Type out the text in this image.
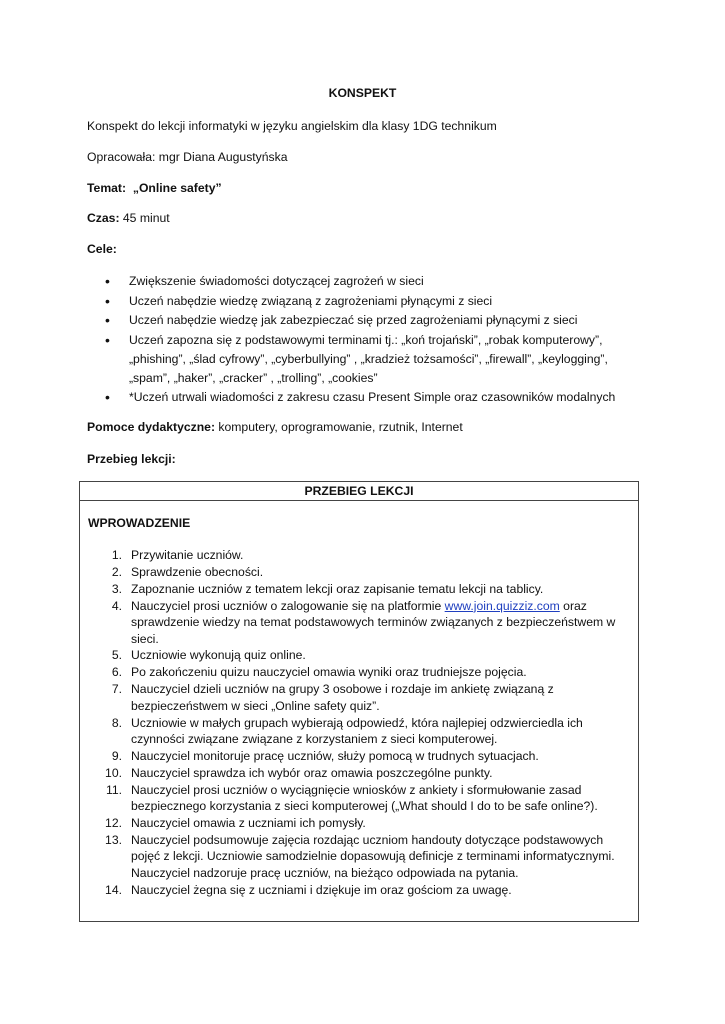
KONSPEKT
Konspekt do lekcji informatyki w języku angielskim dla klasy 1DG technikum
Opracowała: mgr Diana Augustyńska
Temat: „Online safety”
Czas: 45 minut
Cele:
• Zwiększenie świadomości dotyczącej zagrożeń w sieci
• Uczeń nabędzie wiedzę związaną z zagrożeniami płynącymi z sieci
• Uczeń nabędzie wiedzę jak zabezpieczać się przed zagrożeniami płynącymi z sieci
• Uczeń zapozna się z podstawowymi terminami tj.: „koń trojański”, „robak komputerowy”, „phishing”, „ślad cyfrowy”, „cyberbullying” , „kradzież tożsamości”, „firewall”, „keylogging”, „spam”, „haker”, „cracker” , „trolling”, „cookies”
• *Uczeń utrwali wiadomości z zakresu czasu Present Simple oraz czasowników modalnych
Pomoce dydaktyczne: komputery, oprogramowanie, rzutnik, Internet
Przebieg lekcji:
PRZEBIEG LEKCJI
WPROWADZENIE
1. Przywitanie uczniów.
2. Sprawdzenie obecności.
3. Zapoznanie uczniów z tematem lekcji oraz zapisanie tematu lekcji na tablicy.
4. Nauczyciel prosi uczniów o zalogowanie się na platformie www.join.quizziz.com oraz sprawdzenie wiedzy na temat podstawowych terminów związanych z bezpieczeństwem w sieci.
5. Uczniowie wykonują quiz online.
6. Po zakończeniu quizu nauczyciel omawia wyniki oraz trudniejsze pojęcia.
7. Nauczyciel dzieli uczniów na grupy 3 osobowe i rozdaje im ankietę związaną z bezpieczeństwem w sieci „Online safety quiz”.
8. Uczniowie w małych grupach wybierają odpowiedź, która najlepiej odzwierciedla ich czynności związane związane z korzystaniem z sieci komputerowej.
9. Nauczyciel monitoruje pracę uczniów, służy pomocą w trudnych sytuacjach.
10. Nauczyciel sprawdza ich wybór oraz omawia poszczególne punkty.
11. Nauczyciel prosi uczniów o wyciągnięcie wniosków z ankiety i sformułowanie zasad bezpiecznego korzystania z sieci komputerowej („What should I do to be safe online?).
12. Nauczyciel omawia z uczniami ich pomysły.
13. Nauczyciel podsumowuje zajęcia rozdając uczniom handouty dotyczące podstawowych pojęć z lekcji. Uczniowie samodzielnie dopasowują definicje z terminami informatycznymi. Nauczyciel nadzoruje pracę uczniów, na bieżąco odpowiada na pytania.
14. Nauczyciel żegna się z uczniami i dziękuje im oraz gościom za uwagę.
